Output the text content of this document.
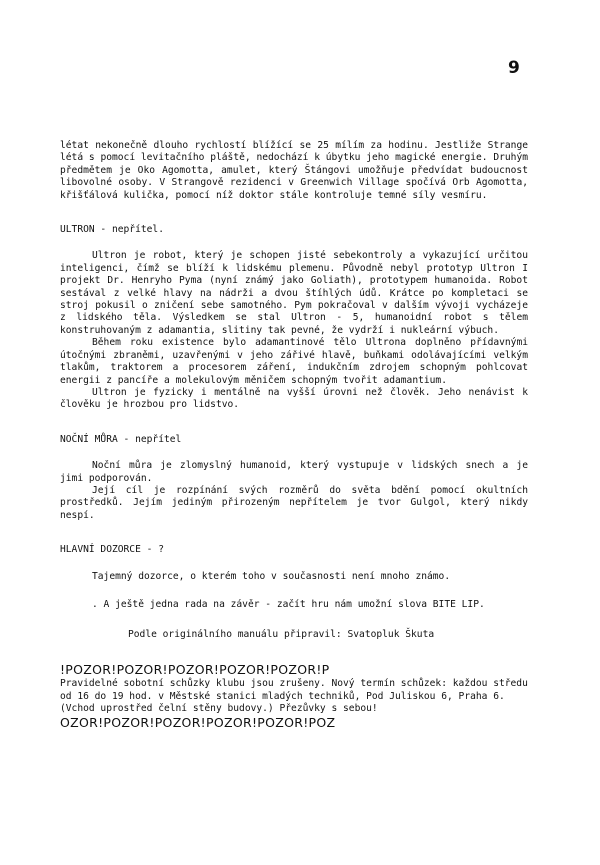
9

létat nekonečně dlouho rychlostí blížící se 25 mílím za hodinu. Jestliže Strange létá s pomocí levitačního pláště, nedochází k úbytku jeho magické energie. Druhým předmětem je Oko Agomotta, amulet, který Štángovi umožňuje předvídat budoucnost libovolné osoby. V Strangově rezidenci v Greenwich Village spočívá Orb Agomotta, křišťálová kulička, pomocí níž doktor stále kontroluje temné síly vesmíru.

ULTRON - nepřítel.

Ultron je robot, který je schopen jisté sebekontroly a vykazující určitou inteligenci, čímž se blíží k lidskému plemenu. Původně nebyl prototyp Ultron I projekt Dr. Henryho Pyma (nyní známý jako Goliath), prototypem humanoida. Robot sestával z velké hlavy na nádrži a dvou štíhlých údů. Krátce po kompletaci se stroj pokusil o zničení sebe samotného. Pym pokračoval v dalším vývoji vycházeje z lidského těla. Výsledkem se stal Ultron - 5, humanoidní robot s tělem konstruhovaným z adamantia, slitiny tak pevné, že vydrží i nukleární výbuch.

Během roku existence bylo adamantinové tělo Ultrona doplněno přídavnými útočnými zbraněmi, uzavřenými v jeho zářivé hlavě, buňkami odolávajícími velkým tlakům, traktorem a procesorem záření, indukčním zdrojem schopným pohlcovat energii z pancíře a molekulovým měničem schopným tvořit adamantium.

Ultron je fyzicky i mentálně na vyšší úrovni než člověk. Jeho nenávist k člověku je hrozbou pro lidstvo.

NOČNÍ MŮRA - nepřítel

Noční můra je zlomyslný humanoid, který vystupuje v lidských snech a je jimi podporován.

Její cíl je rozpínání svých rozměrů do světa bdění pomocí okultních prostředků. Jejím jediným přirozeným nepřítelem je tvor Gulgol, který nikdy nespí.

HLAVNÍ DOZORCE - ?

Tajemný dozorce, o kterém toho v současnosti není mnoho známo.

. A ještě jedna rada na závěr - začít hru nám umožní slova BITE LIP.

Podle originálního manuálu připravil: Svatopluk Škuta
!POZOR!POZOR!POZOR!POZOR!POZOR!P

Pravidelné sobotní schůzky klubu jsou zrušeny. Nový termín schůzek: každou středu od 16 do 19 hod. v Městské stanici mladých techniků, Pod Juliskou 6, Praha 6. (Vchod uprostřed čelní stěny budovy.) Přezůvky s sebou!

OZOR!POZOR!POZOR!POZOR!POZOR!POZ
